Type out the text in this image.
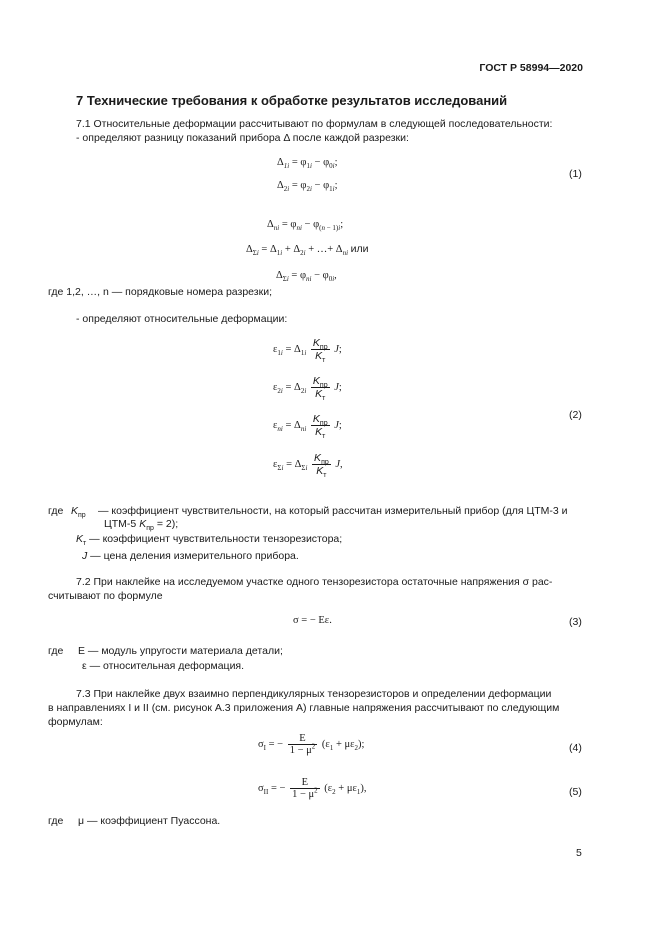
ГОСТ Р 58994—2020
7 Технические требования к обработке результатов исследований
7.1 Относительные деформации рассчитывают по формулам в следующей последовательности:
- определяют разницу показаний прибора Δ после каждой разрезки:
$\Delta_{1i} = \varphi_{1i} - \varphi_{0i}$;
$\Delta_{2i} = \varphi_{2i} - \varphi_{1i}$;
(1)
$\Delta_{ni} = \varphi_{ni} - \varphi_{(n - 1)i}$;
$\Delta_{\Sigma i} = \Delta_{1i} + \Delta_{2i}$ + …+ $\Delta_{ni}$ или
$\Delta_{\Sigma i} = \varphi_{ni} - \varphi_{0i}$,
где 1,2, …, n — порядковые номера разрезки;
- определяют относительные деформации:
$\varepsilon_{1i} = \Delta_{1i} \frac{K_{пр}}{K_т} J$;
$\varepsilon_{2i} = \Delta_{2i} \frac{K_{пр}}{K_т} J$;
$\varepsilon_{ni} = \Delta_{ni} \frac{K_{пр}}{K_т} J$;
$\varepsilon_{\Sigma i} = \Delta_{\Sigma i} \frac{K_{пр}}{K_т} J$,
(2)
где $K_{пр}$ — коэффициент чувствительности, на который рассчитан измерительный прибор (для ЦТМ-3 и
ЦТМ-5 $K_{пр} = 2$);
$K_т$ — коэффициент чувствительности тензорезистора;
J — цена деления измерительного прибора.
7.2 При наклейке на исследуемом участке одного тензорезистора остаточные напряжения σ рас-
считывают по формуле
σ = − Eε.	(3)
где Е — модуль упругости материала детали;
ε — относительная деформация.
7.3 При наклейке двух взаимно перпендикулярных тензорезисторов и определении деформации
в направлениях I и II (см. рисунок А.3 приложения А) главные напряжения рассчитывают по следующим
формулам:
$\sigma_I$ = − $\frac{E}{1 - \mu^2} (\varepsilon_1 + \mu\varepsilon_2)$;	(4)
$\sigma_{II}$ = − $\frac{E}{1 - \mu^2} (\varepsilon_2 + \mu\varepsilon_1)$,	(5)
где μ — коэффициент Пуассона.
5
